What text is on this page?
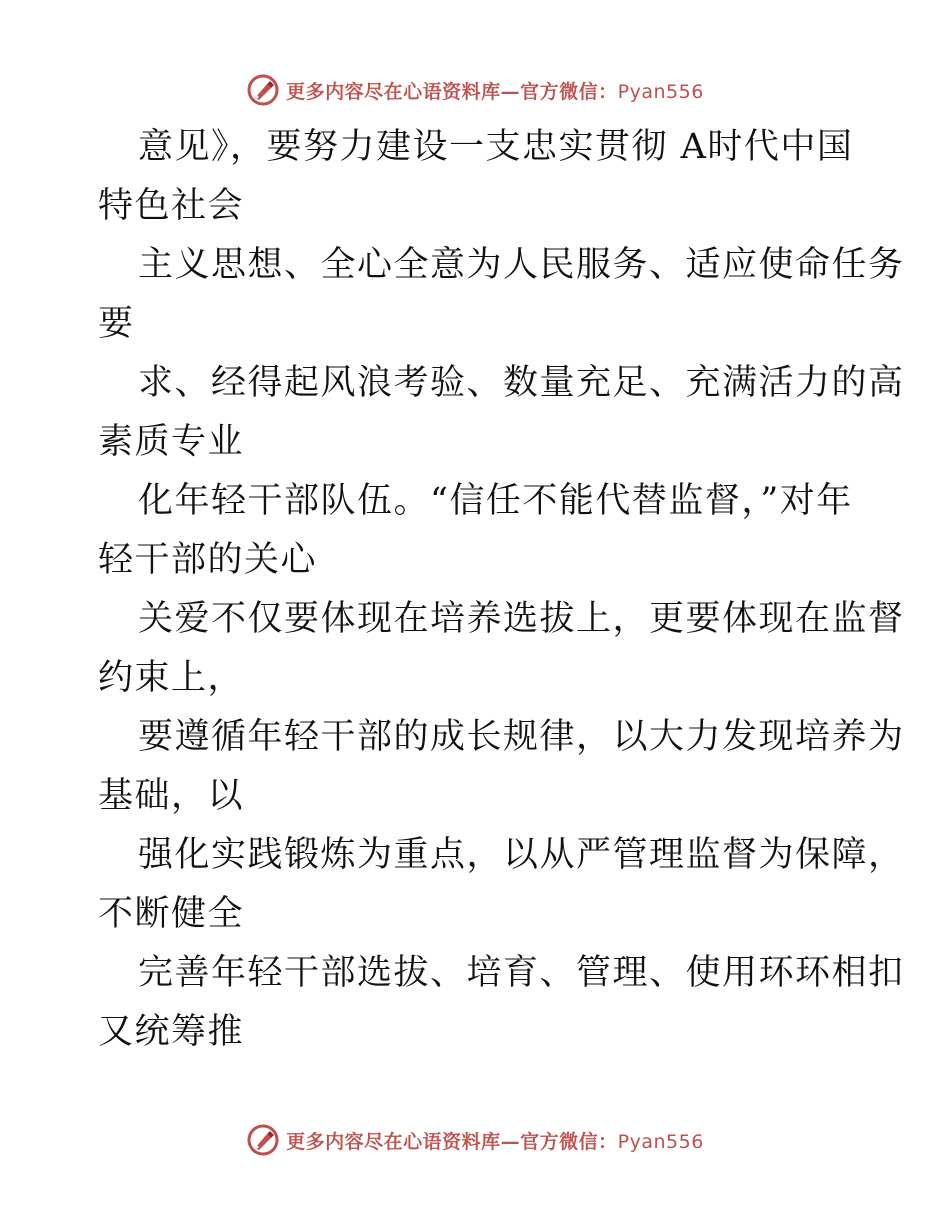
更多内容尽在心语资料库—官方微信：Pyan556
意见》，要努力建设一支忠实贯彻 A时代中国
特色社会
主义思想、全心全意为人民服务、适应使命任务
要
求、经得起风浪考验、数量充足、充满活力的高
素质专业
化年轻干部队伍。“信任不能代替监督，”对年
轻干部的关心
关爱不仅要体现在培养选拔上，更要体现在监督
约束上，
要遵循年轻干部的成长规律，以大力发现培养为
基础，以
强化实践锻炼为重点，以从严管理监督为保障，
不断健全
完善年轻干部选拔、培育、管理、使用环环相扣
又统筹推
更多内容尽在心语资料库—官方微信：Pyan556
